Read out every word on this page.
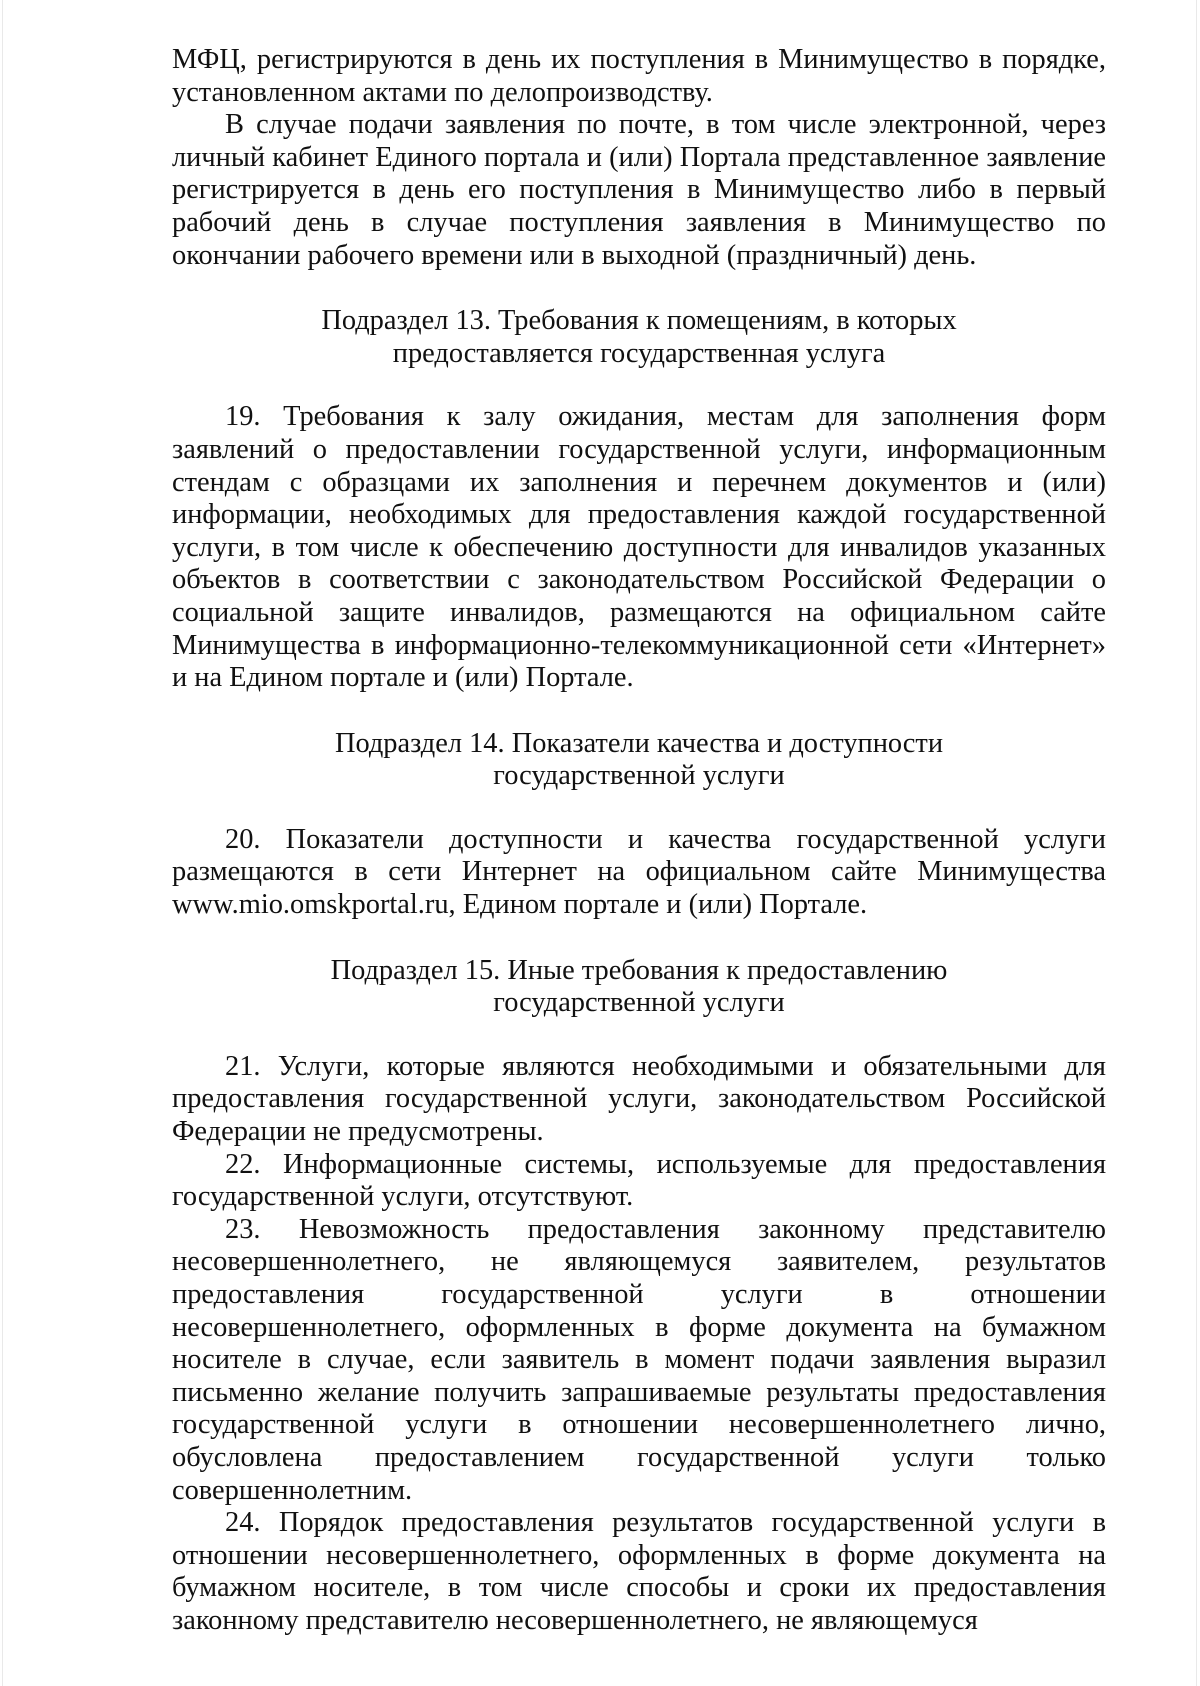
МФЦ, регистрируются в день их поступления в Минимущество в порядке, установленном актами по делопроизводству.

В случае подачи заявления по почте, в том числе электронной, через личный кабинет Единого портала и (или) Портала представленное заявление регистрируется в день его поступления в Минимущество либо в первый рабочий день в случае поступления заявления в Минимущество по окончании рабочего времени или в выходной (праздничный) день.

Подраздел 13. Требования к помещениям, в которых
предоставляется государственная услуга

19. Требования к залу ожидания, местам для заполнения форм заявлений о предоставлении государственной услуги, информационным стендам с образцами их заполнения и перечнем документов и (или) информации, необходимых для предоставления каждой государственной услуги, в том числе к обеспечению доступности для инвалидов указанных объектов в соответствии с законодательством Российской Федерации о социальной защите инвалидов, размещаются на официальном сайте Минимущества в информационно-телекоммуникационной сети «Интернет» и на Едином портале и (или) Портале.

Подраздел 14. Показатели качества и доступности
государственной услуги

20. Показатели доступности и качества государственной услуги размещаются в сети Интернет на официальном сайте Минимущества www.mio.omskportal.ru, Едином портале и (или) Портале.

Подраздел 15. Иные требования к предоставлению
государственной услуги

21. Услуги, которые являются необходимыми и обязательными для предоставления государственной услуги, законодательством Российской Федерации не предусмотрены.

22. Информационные системы, используемые для предоставления государственной услуги, отсутствуют.

23. Невозможность предоставления законному представителю несовершеннолетнего, не являющемуся заявителем, результатов предоставления государственной услуги в отношении несовершеннолетнего, оформленных в форме документа на бумажном носителе в случае, если заявитель в момент подачи заявления выразил письменно желание получить запрашиваемые результаты предоставления государственной услуги в отношении несовершеннолетнего лично, обусловлена предоставлением государственной услуги только совершеннолетним.

24. Порядок предоставления результатов государственной услуги в отношении несовершеннолетнего, оформленных в форме документа на бумажном носителе, в том числе способы и сроки их предоставления законному представителю несовершеннолетнего, не являющемуся
